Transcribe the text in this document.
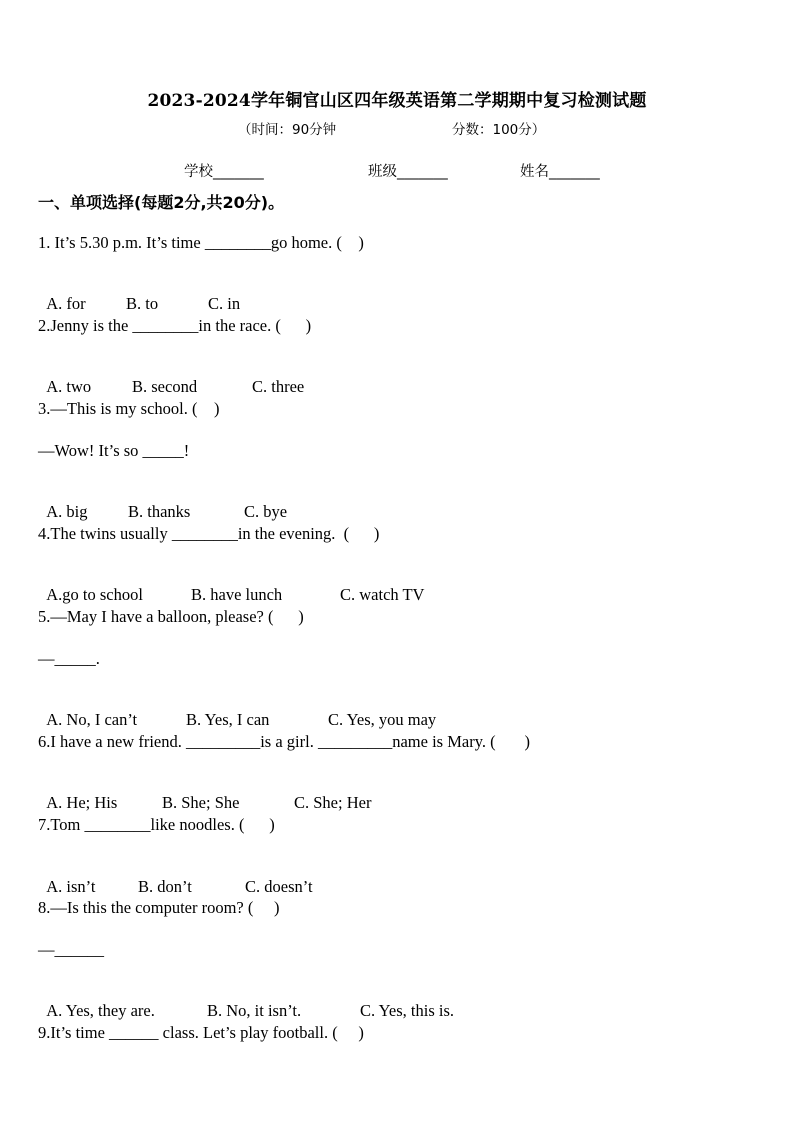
2023-2024学年铜官山区四年级英语第二学期期中复习检测试题
（时间：90分钟	分数：100分）
学校_______	班级_______	姓名_______
一、单项选择(每题2分,共20分)。
1. It’s 5.30 p.m. It’s time ________go home. (    )

A. for B. to	C. in

2.Jenny is the ________in the race. (      )

A. two B. second	C. three

3.—This is my school. (    )
—Wow! It’s so _____!

A. big B. thanks	C. bye

4.The twins usually ________in the evening.  (      )

A.go to school	B. have lunch	C. watch TV

5.—May I have a balloon, please? (      )
—_____.

A. No, I can’t	B. Yes, I can	C. Yes, you may

6.I have a new friend. _________is a girl. _________name is Mary. (       )

A. He; His	B. She; She	C. She; Her

7.Tom ________like noodles. (      )

A. isn’t	B. don’t	C. doesn’t

8.—Is this the computer room? (     )
—______

A. Yes, they are.	B. No, it isn’t.	C. Yes, this is.

9.It’s time ______ class. Let’s play football. (     )
